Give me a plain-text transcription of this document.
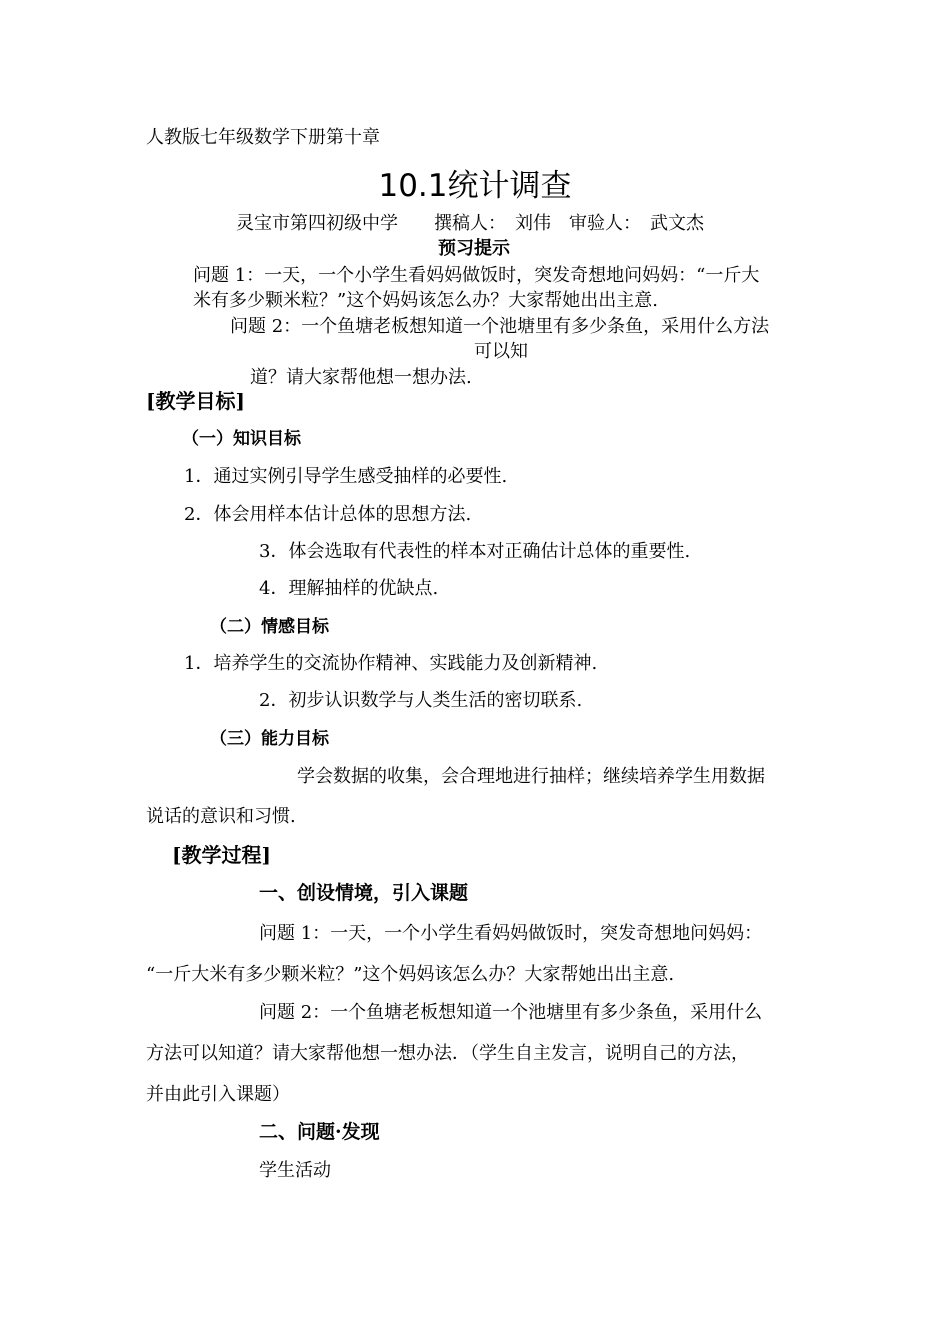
人教版七年级数学下册第十章
10.1统计调查
灵宝市第四初级中学　　撰稿人：　刘伟　审验人：　武文杰
预习提示
问题 1：一天，一个小学生看妈妈做饭时，突发奇想地问妈妈：“一斤大
米有多少颗米粒？”这个妈妈该怎么办？大家帮她出出主意.
问题 2：一个鱼塘老板想知道一个池塘里有多少条鱼，采用什么方法
可以知
道？请大家帮他想一想办法.
[教学目标]
（一）知识目标
1．通过实例引导学生感受抽样的必要性.
2．体会用样本估计总体的思想方法.
3．体会选取有代表性的样本对正确估计总体的重要性.
4．理解抽样的优缺点.
（二）情感目标
1．培养学生的交流协作精神、实践能力及创新精神.
2．初步认识数学与人类生活的密切联系.
（三）能力目标
学会数据的收集，会合理地进行抽样；继续培养学生用数据
说话的意识和习惯.
[教学过程]
一、创设情境，引入课题
问题 1：一天，一个小学生看妈妈做饭时，突发奇想地问妈妈：
“一斤大米有多少颗米粒？”这个妈妈该怎么办？大家帮她出出主意.
问题 2：一个鱼塘老板想知道一个池塘里有多少条鱼，采用什么
方法可以知道？请大家帮他想一想办法．（学生自主发言，说明自己的方法，
并由此引入课题）
二、问题·发现
学生活动
